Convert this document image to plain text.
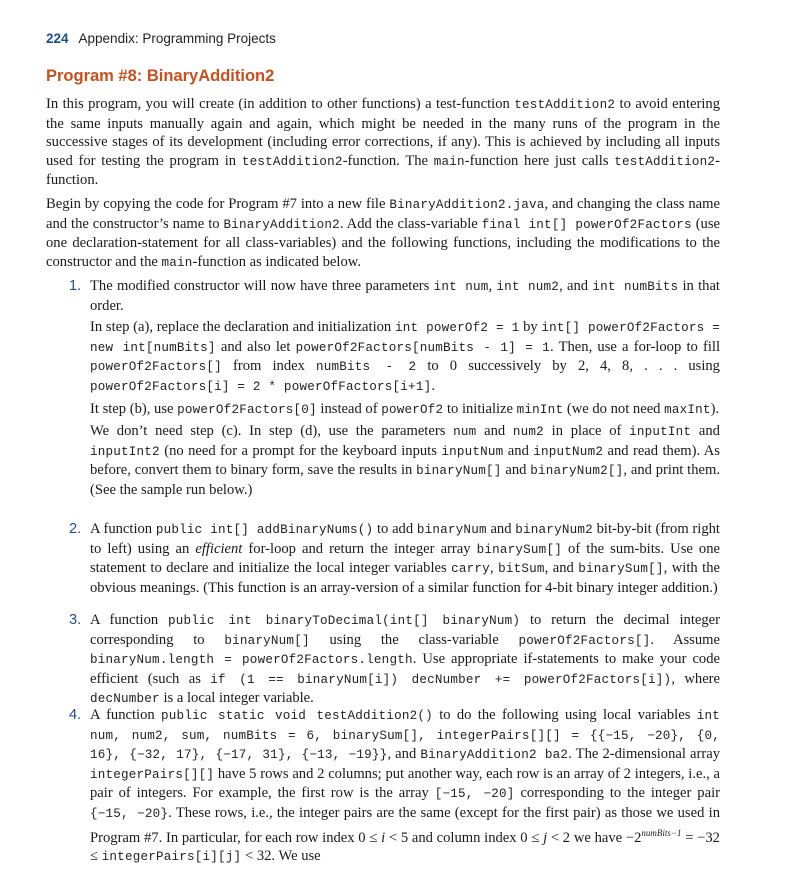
224 Appendix: Programming Projects
Program #8: BinaryAddition2
In this program, you will create (in addition to other functions) a test-function testAddition2 to avoid entering the same inputs manually again and again, which might be needed in the many runs of the program in the successive stages of its development (including error corrections, if any). This is achieved by including all inputs used for testing the program in testAddition2-function. The main-function here just calls testAddition2-function.
Begin by copying the code for Program #7 into a new file BinaryAddition2.java, and changing the class name and the constructor’s name to BinaryAddition2. Add the class-variable final int[] powerOf2Factors (use one declaration-statement for all class-variables) and the following functions, including the modifications to the constructor and the main-function as indicated below.
1. The modified constructor will now have three parameters int num, int num2, and int numBits in that order.

In step (a), replace the declaration and initialization int powerOf2 = 1 by int[] powerOf2Factors = new int[numBits] and also let powerOf2Factors[numBits - 1] = 1. Then, use a for-loop to fill powerOf2Factors[] from index numBits - 2 to 0 successively by 2, 4, 8, . . . using powerOf2Factors[i] = 2 * powerOfFactors[i+1].

It step (b), use powerOf2Factors[0] instead of powerOf2 to initialize minInt (we do not need maxInt).

We don’t need step (c). In step (d), use the parameters num and num2 in place of inputInt and inputInt2 (no need for a prompt for the keyboard inputs inputNum and inputNum2 and read them). As before, convert them to binary form, save the results in binaryNum[] and binaryNum2[], and print them. (See the sample run below.)

2. A function public int[] addBinaryNums() to add binaryNum and binaryNum2 bit-by-bit (from right to left) using an efficient for-loop and return the integer array binarySum[] of the sum-bits. Use one statement to declare and initialize the local integer variables carry, bitSum, and binarySum[], with the obvious meanings. (This function is an array-version of a similar function for 4-bit binary integer addition.)

3. A function public int binaryToDecimal(int[] binaryNum) to return the decimal integer corresponding to binaryNum[] using the class-variable powerOf2Factors[]. Assume binaryNum.length = powerOf2Factors.length. Use appropriate if-statements to make your code efficient (such as if (1 == binaryNum[i]) decNumber += powerOf2Factors[i]), where decNumber is a local integer variable.

4. A function public static void testAddition2() to do the following using local variables int num, num2, sum, numBits = 6, binarySum[], integerPairs[][] = {{−15, −20}, {0, 16}, {−32, 17}, {−17, 31}, {−13, −19}}, and BinaryAddition2 ba2. The 2-dimensional array integerPairs[][] have 5 rows and 2 columns; put another way, each row is an array of 2 integers, i.e., a pair of integers. For example, the first row is the array [−15, −20] corresponding to the integer pair {−15, −20}. These rows, i.e., the integer pairs are the same (except for the first pair) as those we used in Program #7. In particular, for each row index 0 ≤ i < 5 and column index 0 ≤ j < 2 we have $-2^{numBits-1} = -32$ ≤ integerPairs[i][j] < 32. We use
